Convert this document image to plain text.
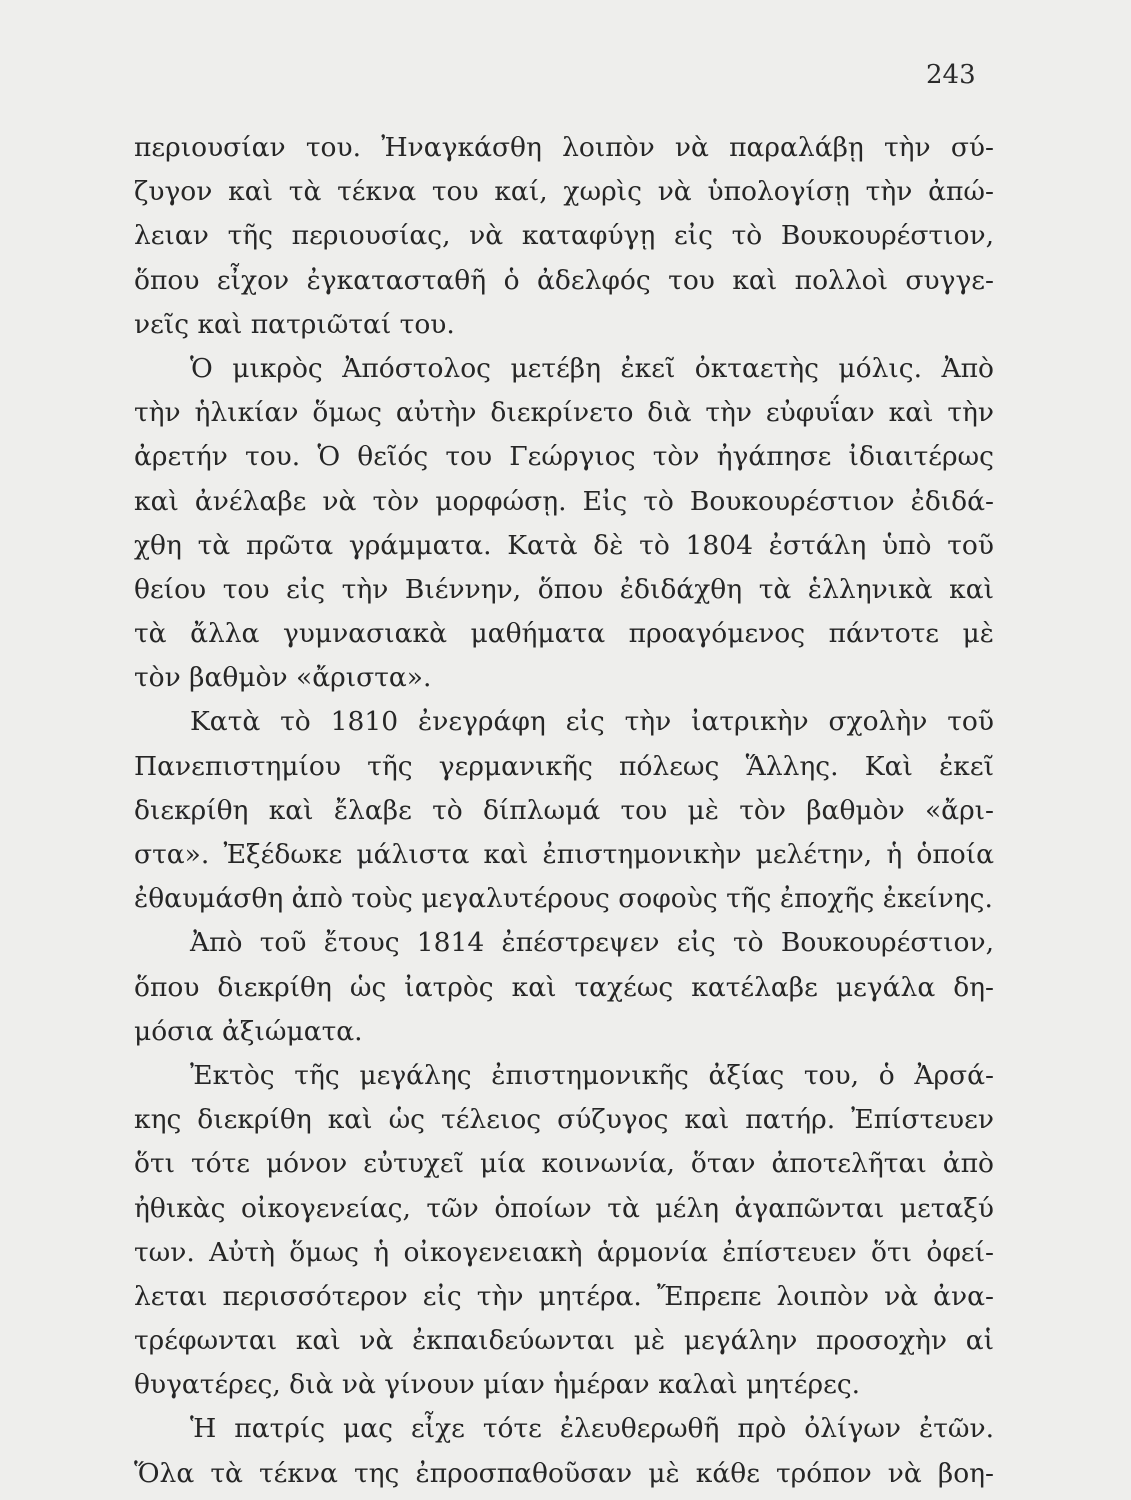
243
περιουσίαν του. Ἠναγκάσθη λοιπὸν νὰ παραλάβῃ τὴν σύ-
ζυγον καὶ τὰ τέκνα του καί, χωρὶς νὰ ὑπολογίσῃ τὴν ἀπώ-
λειαν τῆς περιουσίας, νὰ καταφύγῃ εἰς τὸ Βουκουρέστιον,
ὅπου εἶχον ἐγκατασταθῆ ὁ ἀδελφός του καὶ πολλοὶ συγγε-
νεῖς καὶ πατριῶταί του.
Ὁ μικρὸς Ἀπόστολος μετέβη ἐκεῖ ὀκταετὴς μόλις. Ἀπὸ
τὴν ἡλικίαν ὅμως αὐτὴν διεκρίνετο διὰ τὴν εὐφυΐαν καὶ τὴν
ἀρετήν του. Ὁ θεῖός του Γεώργιος τὸν ἠγάπησε ἰδιαιτέρως
καὶ ἀνέλαβε νὰ τὸν μορφώσῃ. Εἰς τὸ Βουκουρέστιον ἐδιδά-
χθη τὰ πρῶτα γράμματα. Κατὰ δὲ τὸ 1804 ἐστάλη ὑπὸ τοῦ
θείου του εἰς τὴν Βιέννην, ὅπου ἐδιδάχθη τὰ ἑλληνικὰ καὶ
τὰ ἄλλα γυμνασιακὰ μαθήματα προαγόμενος πάντοτε μὲ
τὸν βαθμὸν «ἄριστα».
Κατὰ τὸ 1810 ἐνεγράφη εἰς τὴν ἰατρικὴν σχολὴν τοῦ
Πανεπιστημίου τῆς γερμανικῆς πόλεως Ἅλλης. Καὶ ἐκεῖ
διεκρίθη καὶ ἔλαβε τὸ δίπλωμά του μὲ τὸν βαθμὸν «ἄρι-
στα». Ἐξέδωκε μάλιστα καὶ ἐπιστημονικὴν μελέτην, ἡ ὁποία
ἐθαυμάσθη ἀπὸ τοὺς μεγαλυτέρους σοφοὺς τῆς ἐποχῆς ἐκείνης.
Ἀπὸ τοῦ ἔτους 1814 ἐπέστρεψεν εἰς τὸ Βουκουρέστιον,
ὅπου διεκρίθη ὡς ἰατρὸς καὶ ταχέως κατέλαβε μεγάλα δη-
μόσια ἀξιώματα.
Ἐκτὸς τῆς μεγάλης ἐπιστημονικῆς ἀξίας του, ὁ Ἀρσά-
κης διεκρίθη καὶ ὡς τέλειος σύζυγος καὶ πατήρ. Ἐπίστευεν
ὅτι τότε μόνον εὐτυχεῖ μία κοινωνία, ὅταν ἀποτελῆται ἀπὸ
ἠθικὰς οἰκογενείας, τῶν ὁποίων τὰ μέλη ἀγαπῶνται μεταξύ
των. Αὐτὴ ὅμως ἡ οἰκογενειακὴ ἁρμονία ἐπίστευεν ὅτι ὀφεί-
λεται περισσότερον εἰς τὴν μητέρα. Ἔπρεπε λοιπὸν νὰ ἀνα-
τρέφωνται καὶ νὰ ἐκπαιδεύωνται μὲ μεγάλην προσοχὴν αἱ
θυγατέρες, διὰ νὰ γίνουν μίαν ἡμέραν καλαὶ μητέρες.
Ἡ πατρίς μας εἶχε τότε ἐλευθερωθῆ πρὸ ὀλίγων ἐτῶν.
Ὅλα τὰ τέκνα της ἐπροσπαθοῦσαν μὲ κάθε τρόπον νὰ βοη-
